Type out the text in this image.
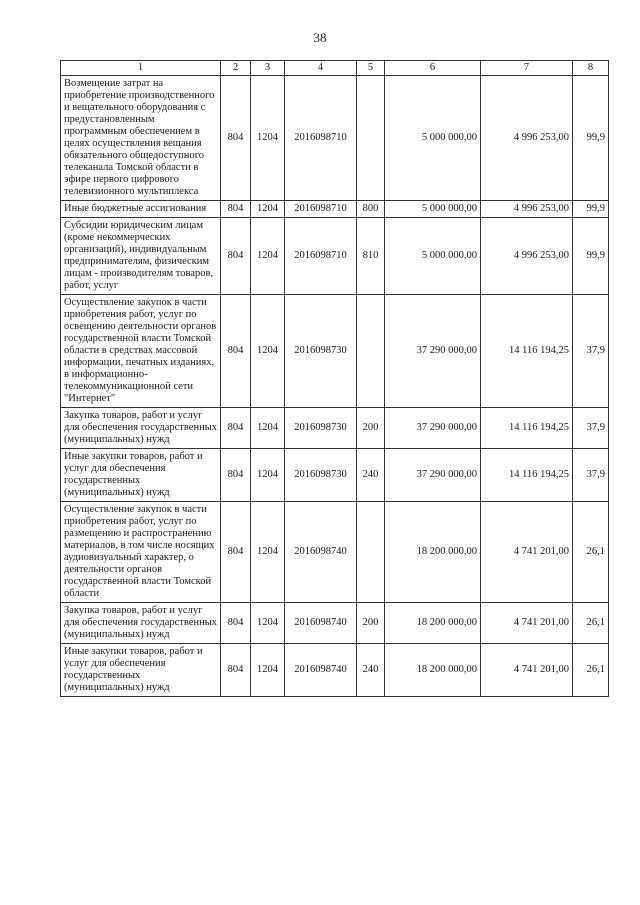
38
1	2	3	4	5	6	7	8
Возмещение затрат на приобретение производственного и вещательного оборудования с предустановленным программным обеспечением в целях осуществления вещания обязательного общедоступного телеканала Томской области в эфире первого цифрового телевизионного мультиплекса	804	1204	2016098710		5 000 000,00	4 996 253,00	99,9
Иные бюджетные ассигнования	804	1204	2016098710	800	5 000 000,00	4 996 253,00	99,9
Субсидии юридическим лицам (кроме некоммерческих организаций), индивидуальным предпринимателям, физическим лицам - производителям товаров, работ, услуг	804	1204	2016098710	810	5 000 000,00	4 996 253,00	99,9
Осуществление закупок в части приобретения работ, услуг по освещению деятельности органов государственной власти Томской области в средствах массовой информации, печатных изданиях, в информационно-телекоммуникационной сети "Интернет"	804	1204	2016098730		37 290 000,00	14 116 194,25	37,9
Закупка товаров, работ и услуг для обеспечения государственных (муниципальных) нужд	804	1204	2016098730	200	37 290 000,00	14 116 194,25	37,9
Иные закупки товаров, работ и услуг для обеспечения государственных (муниципальных) нужд	804	1204	2016098730	240	37 290 000,00	14 116 194,25	37,9
Осуществление закупок в части приобретения работ, услуг по размещению и распространению материалов, в том числе носящих аудиовизуальный характер, о деятельности органов государственной власти Томской области	804	1204	2016098740		18 200 000,00	4 741 201,00	26,1
Закупка товаров, работ и услуг для обеспечения государственных (муниципальных) нужд	804	1204	2016098740	200	18 200 000,00	4 741 201,00	26,1
Иные закупки товаров, работ и услуг для обеспечения государственных (муниципальных) нужд	804	1204	2016098740	240	18 200 000,00	4 741 201,00	26,1
